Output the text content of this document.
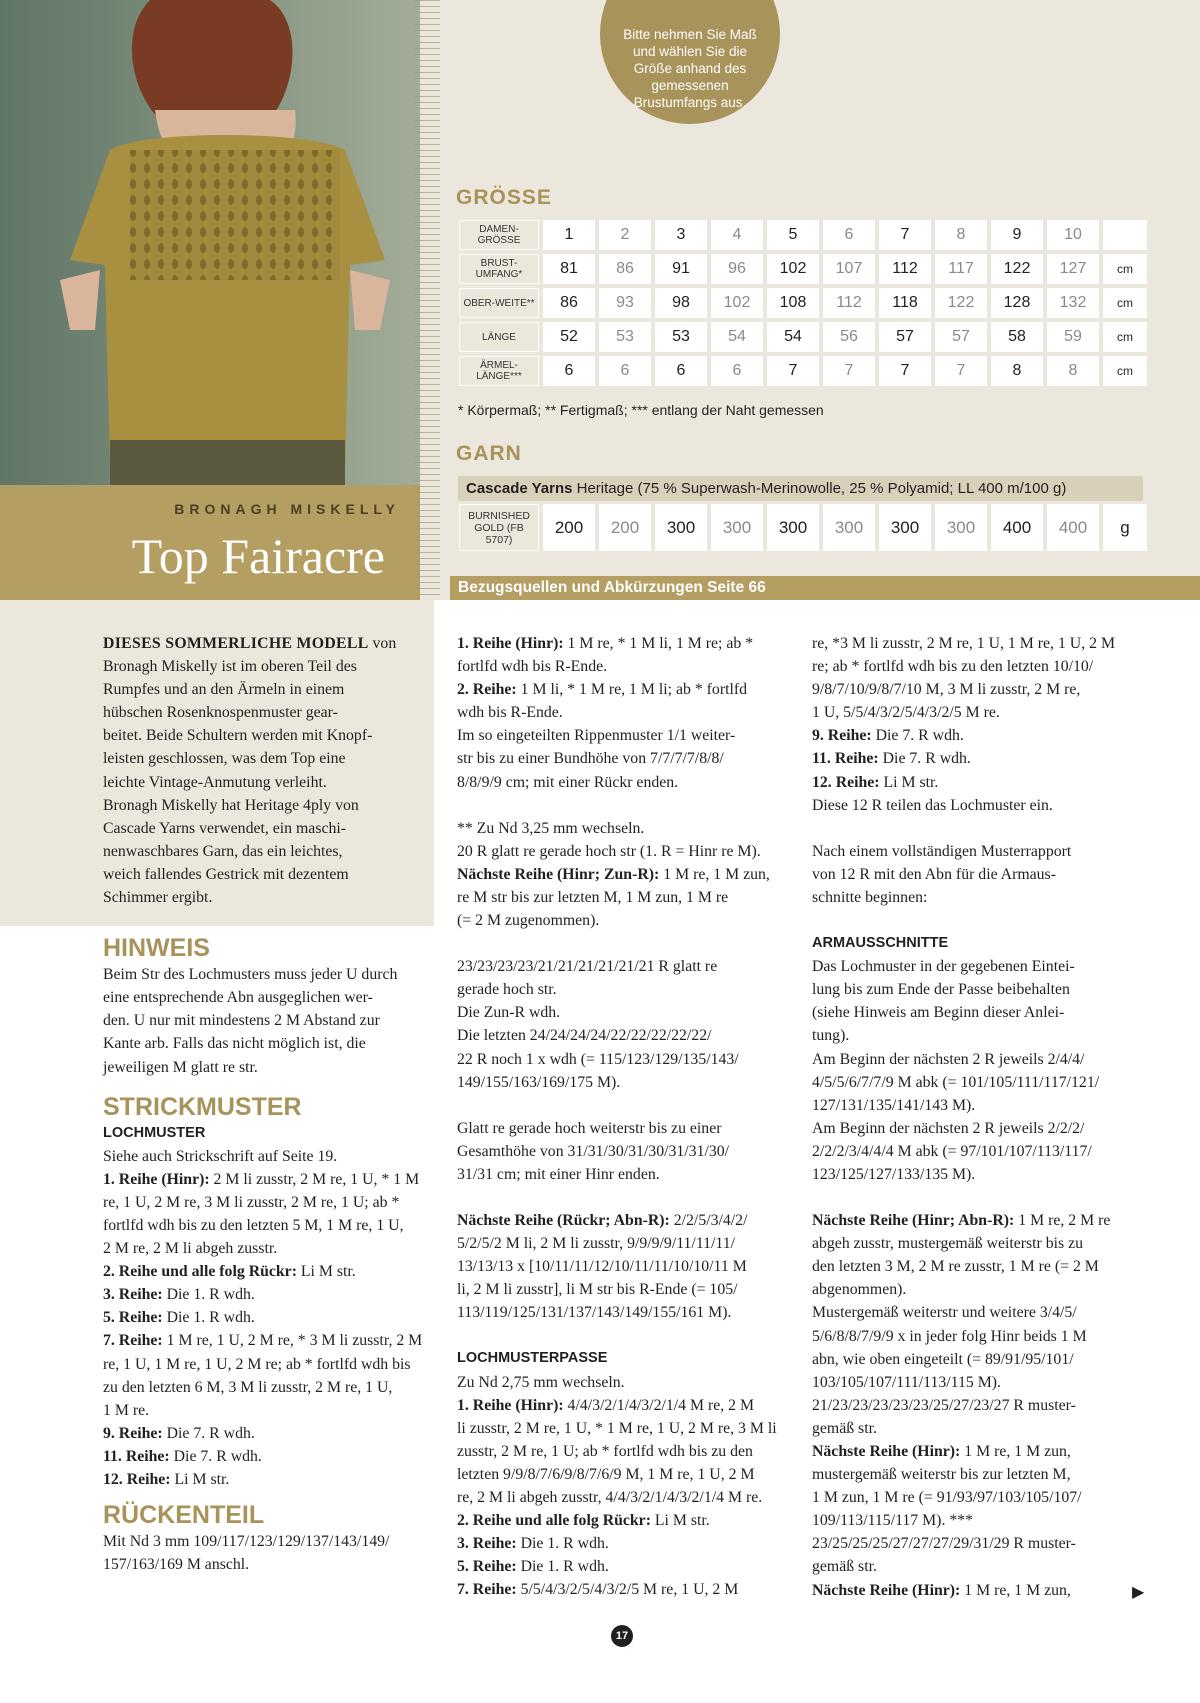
BRONAGH MISKELLY
Top Fairacre
Bitte nehmen Sie Maß und wählen Sie die Größe anhand des gemessenen Brustumfangs aus.
GRÖSSE
DAMEN-GRÖSSE	1	2	3	4	5	6	7	8	9	10	
BRUST-UMFANG*	81	86	91	96	102	107	112	117	122	127	cm
OBER-WEITE**	86	93	98	102	108	112	118	122	128	132	cm
LÄNGE	52	53	53	54	54	56	57	57	58	59	cm
ÄRMEL-LÄNGE***	6	6	6	6	7	7	7	7	8	8	cm
* Körpermaß; ** Fertigmaß; *** entlang der Naht gemessen
GARN
Cascade Yarns Heritage (75 % Superwash-Merinowolle, 25 % Polyamid; LL 400 m/100 g)
BURNISHED GOLD (FB 5707)	200	200	300	300	300	300	300	300	400	400	g
Bezugsquellen und Abkürzungen Seite 66

DIESES SOMMERLICHE MODELL von
Bronagh Miskelly ist im oberen Teil des
Rumpfes und an den Ärmeln in einem
hübschen Rosenknospenmuster gear-
beitet. Beide Schultern werden mit Knopf-
leisten geschlossen, was dem Top eine
leichte Vintage-Anmutung verleiht.
Bronagh Miskelly hat Heritage 4ply von
Cascade Yarns verwendet, ein maschi-
nenwaschbares Garn, das ein leichtes,
weich fallendes Gestrick mit dezentem
Schimmer ergibt.

HINWEIS

Beim Str des Lochmusters muss jeder U durch
eine entsprechende Abn ausgeglichen wer-
den. U nur mit mindestens 2 M Abstand zur
Kante arb. Falls das nicht möglich ist, die
jeweiligen M glatt re str.

STRICKMUSTER
LOCHMUSTER

Siehe auch Strickschrift auf Seite 19.
1. Reihe (Hinr): 2 M li zusstr, 2 M re, 1 U, * 1 M
re, 1 U, 2 M re, 3 M li zusstr, 2 M re, 1 U; ab *
fortlfd wdh bis zu den letzten 5 M, 1 M re, 1 U,
2 M re, 2 M li abgeh zusstr.
2. Reihe und alle folg Rückr: Li M str.
3. Reihe: Die 1. R wdh.
5. Reihe: Die 1. R wdh.
7. Reihe: 1 M re, 1 U, 2 M re, * 3 M li zusstr, 2 M
re, 1 U, 1 M re, 1 U, 2 M re; ab * fortlfd wdh bis
zu den letzten 6 M, 3 M li zusstr, 2 M re, 1 U,
1 M re.
9. Reihe: Die 7. R wdh.
11. Reihe: Die 7. R wdh.
12. Reihe: Li M str.

RÜCKENTEIL

Mit Nd 3 mm 109/117/123/129/137/143/149/
157/163/169 M anschl.

1. Reihe (Hinr): 1 M re, * 1 M li, 1 M re; ab *
fortlfd wdh bis R-Ende.
2. Reihe: 1 M li, * 1 M re, 1 M li; ab * fortlfd
wdh bis R-Ende.
Im so eingeteilten Rippenmuster 1/1 weiter-
str bis zu einer Bundhöhe von 7/7/7/7/8/8/
8/8/9/9 cm; mit einer Rückr enden.

** Zu Nd 3,25 mm wechseln.
20 R glatt re gerade hoch str (1. R = Hinr re M).
Nächste Reihe (Hinr; Zun-R): 1 M re, 1 M zun,
re M str bis zur letzten M, 1 M zun, 1 M re
(= 2 M zugenommen).

23/23/23/23/21/21/21/21/21/21 R glatt re
gerade hoch str.
Die Zun-R wdh.
Die letzten 24/24/24/24/22/22/22/22/22/
22 R noch 1 x wdh (= 115/123/129/135/143/
149/155/163/169/175 M).

Glatt re gerade hoch weiterstr bis zu einer
Gesamthöhe von 31/31/30/31/30/31/31/30/
31/31 cm; mit einer Hinr enden.

Nächste Reihe (Rückr; Abn-R): 2/2/5/3/4/2/
5/2/5/2 M li, 2 M li zusstr, 9/9/9/9/11/11/11/
13/13/13 x [10/11/11/12/10/11/11/10/10/11 M
li, 2 M li zusstr], li M str bis R-Ende (= 105/
113/119/125/131/137/143/149/155/161 M).

LOCHMUSTERPASSE

Zu Nd 2,75 mm wechseln.
1. Reihe (Hinr): 4/4/3/2/1/4/3/2/1/4 M re, 2 M
li zusstr, 2 M re, 1 U, * 1 M re, 1 U, 2 M re, 3 M li
zusstr, 2 M re, 1 U; ab * fortlfd wdh bis zu den
letzten 9/9/8/7/6/9/8/7/6/9 M, 1 M re, 1 U, 2 M
re, 2 M li abgeh zusstr, 4/4/3/2/1/4/3/2/1/4 M re.
2. Reihe und alle folg Rückr: Li M str.
3. Reihe: Die 1. R wdh.
5. Reihe: Die 1. R wdh.
7. Reihe: 5/5/4/3/2/5/4/3/2/5 M re, 1 U, 2 M

re, *3 M li zusstr, 2 M re, 1 U, 1 M re, 1 U, 2 M
re; ab * fortlfd wdh bis zu den letzten 10/10/
9/8/7/10/9/8/7/10 M, 3 M li zusstr, 2 M re,
1 U, 5/5/4/3/2/5/4/3/2/5 M re.
9. Reihe: Die 7. R wdh.
11. Reihe: Die 7. R wdh.
12. Reihe: Li M str.
Diese 12 R teilen das Lochmuster ein.

Nach einem vollständigen Musterrapport
von 12 R mit den Abn für die Armaus-
schnitte beginnen:

ARMAUSSCHNITTE

Das Lochmuster in der gegebenen Eintei-
lung bis zum Ende der Passe beibehalten
(siehe Hinweis am Beginn dieser Anlei-
tung).
Am Beginn der nächsten 2 R jeweils 2/4/4/
4/5/5/6/7/7/9 M abk (= 101/105/111/117/121/
127/131/135/141/143 M).
Am Beginn der nächsten 2 R jeweils 2/2/2/
2/2/2/3/4/4/4 M abk (= 97/101/107/113/117/
123/125/127/133/135 M).

Nächste Reihe (Hinr; Abn-R): 1 M re, 2 M re
abgeh zusstr, mustergemäß weiterstr bis zu
den letzten 3 M, 2 M re zusstr, 1 M re (= 2 M
abgenommen).
Mustergemäß weiterstr und weitere 3/4/5/
5/6/8/8/7/9/9 x in jeder folg Hinr beids 1 M
abn, wie oben eingeteilt (= 89/91/95/101/
103/105/107/111/113/115 M).
21/23/23/23/23/23/25/27/23/27 R muster-
gemäß str.
Nächste Reihe (Hinr): 1 M re, 1 M zun,
mustergemäß weiterstr bis zur letzten M,
1 M zun, 1 M re (= 91/93/97/103/105/107/
109/113/115/117 M). ***
23/25/25/25/27/27/27/29/31/29 R muster-
gemäß str.
Nächste Reihe (Hinr): 1 M re, 1 M zun,	▶
17
